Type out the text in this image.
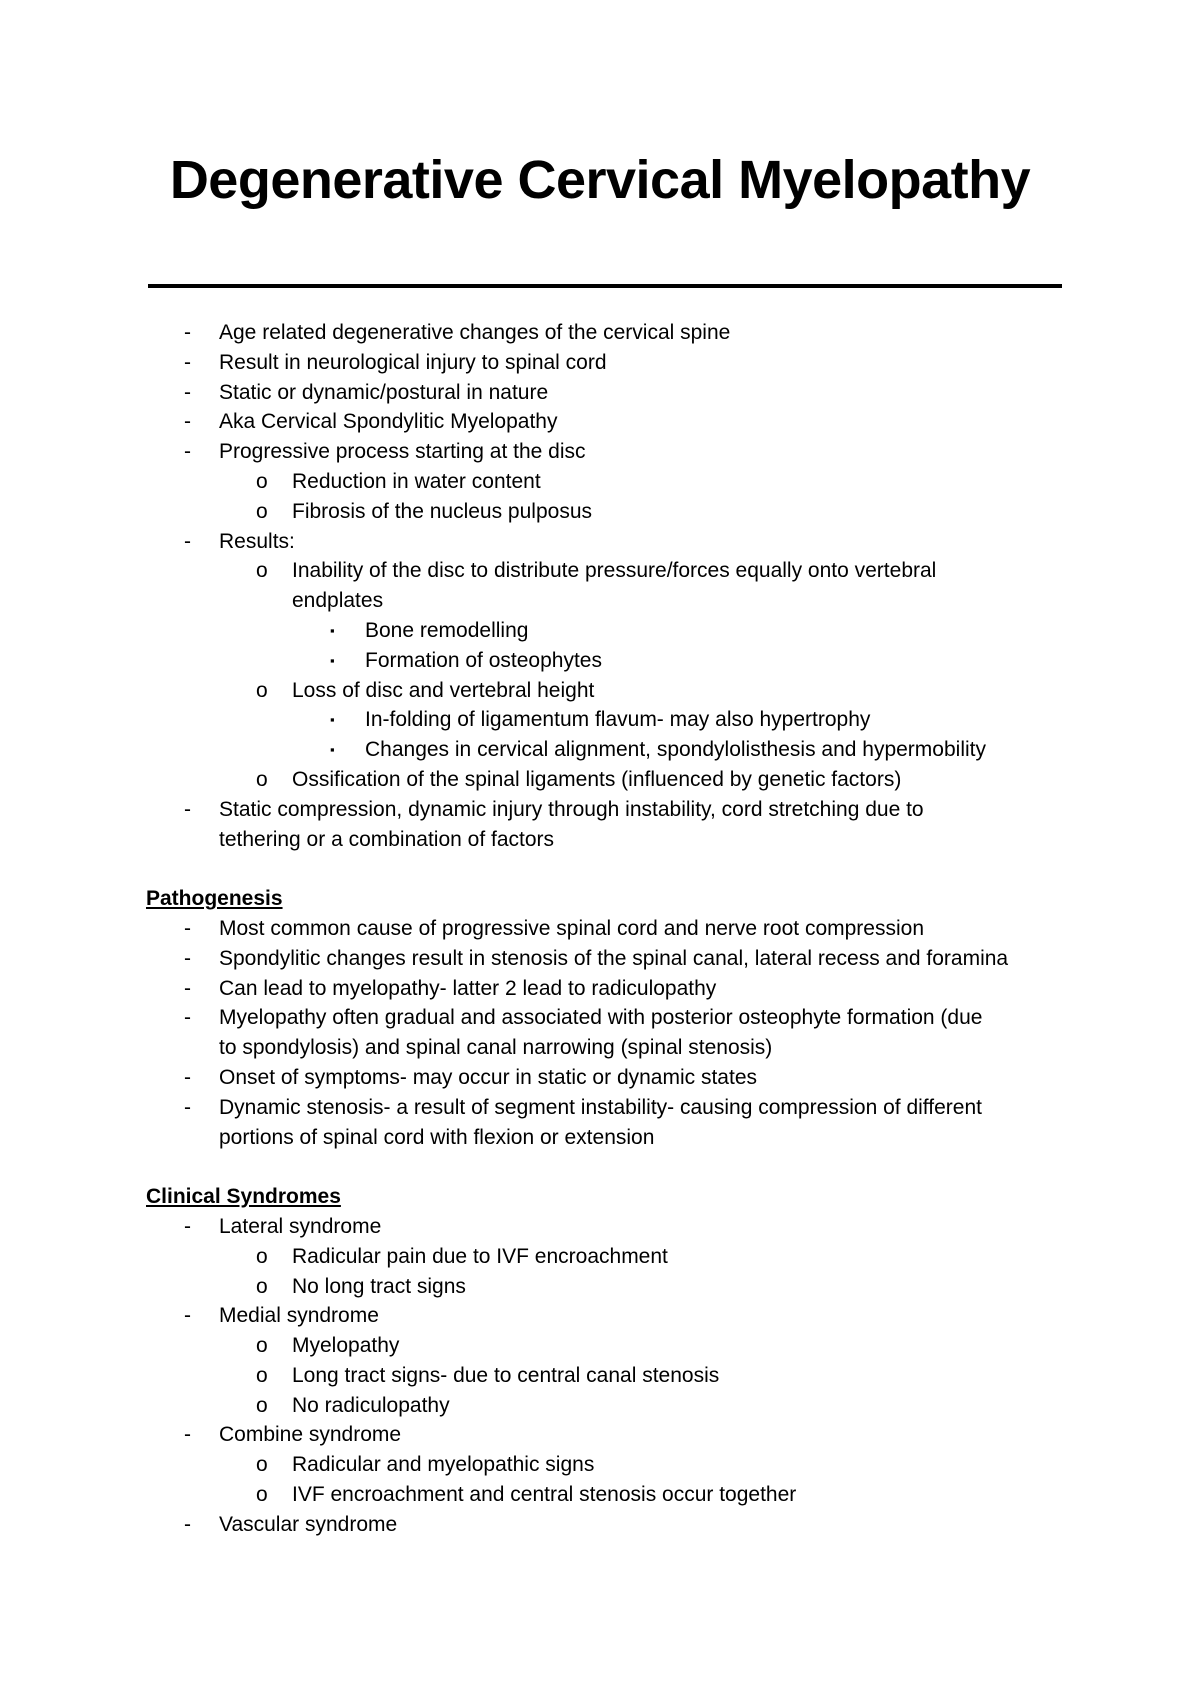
Degenerative Cervical Myelopathy
- Age related degenerative changes of the cervical spine
- Result in neurological injury to spinal cord
- Static or dynamic/postural in nature
- Aka Cervical Spondylitic Myelopathy
- Progressive process starting at the disc
o Reduction in water content
o Fibrosis of the nucleus pulposus
- Results:
o Inability of the disc to distribute pressure/forces equally onto vertebral
endplates
▪ Bone remodelling
▪ Formation of osteophytes
o Loss of disc and vertebral height
▪ In-folding of ligamentum flavum- may also hypertrophy
▪ Changes in cervical alignment, spondylolisthesis and hypermobility
o Ossification of the spinal ligaments (influenced by genetic factors)
- Static compression, dynamic injury through instability, cord stretching due to
tethering or a combination of factors
Pathogenesis
- Most common cause of progressive spinal cord and nerve root compression
- Spondylitic changes result in stenosis of the spinal canal, lateral recess and foramina
- Can lead to myelopathy- latter 2 lead to radiculopathy
- Myelopathy often gradual and associated with posterior osteophyte formation (due
to spondylosis) and spinal canal narrowing (spinal stenosis)
- Onset of symptoms- may occur in static or dynamic states
- Dynamic stenosis- a result of segment instability- causing compression of different
portions of spinal cord with flexion or extension
Clinical Syndromes
- Lateral syndrome
o Radicular pain due to IVF encroachment
o No long tract signs
- Medial syndrome
o Myelopathy
o Long tract signs- due to central canal stenosis
o No radiculopathy
- Combine syndrome
o Radicular and myelopathic signs
o IVF encroachment and central stenosis occur together
- Vascular syndrome
